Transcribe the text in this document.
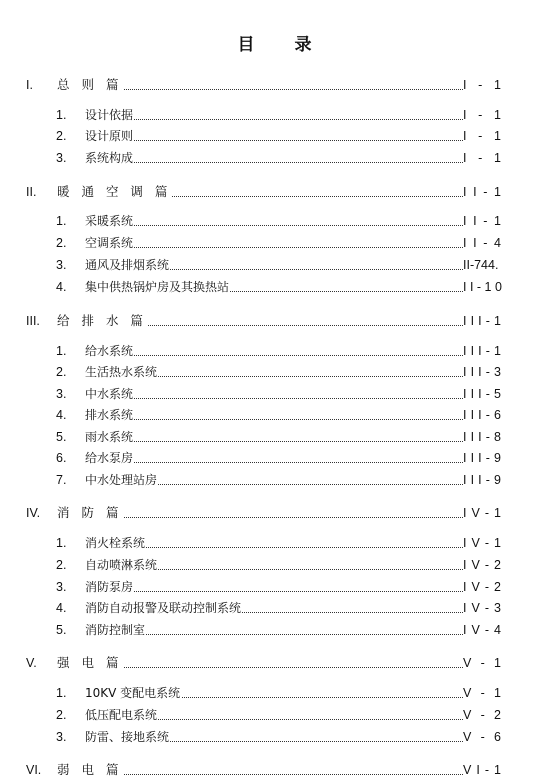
目 录
I. 总 则 篇	I - 1
1. 设计依据	I - 1
2. 设计原则	I - 1
3. 系统构成	I - 1
II. 暖 通 空 调 篇	I I - 1
1. 采暖系统	I I - 1
2. 空调系统	I I - 4
3. 通风及排烟系统	II-744.
4. 集中供热锅炉房及其换热站	I I - 1 0
III. 给 排 水 篇	I I I - 1
1. 给水系统	I I I - 1
2. 生活热水系统	I I I - 3
3. 中水系统	I I I - 5
4. 排水系统	I I I - 6
5. 雨水系统	I I I - 8
6. 给水泵房	I I I - 9
7. 中水处理站房	I I I - 9
IV. 消 防 篇	I V - 1
1. 消火栓系统	I V - 1
2. 自动喷淋系统	I V - 2
3. 消防泵房	I V - 2
4. 消防自动报警及联动控制系统	I V - 3
5. 消防控制室	I V - 4
V. 强 电 篇	V - 1
1. 10KV 变配电系统	V - 1
2. 低压配电系统	V - 2
3. 防雷、接地系统	V - 6
VI. 弱 电 篇	V I - 1
